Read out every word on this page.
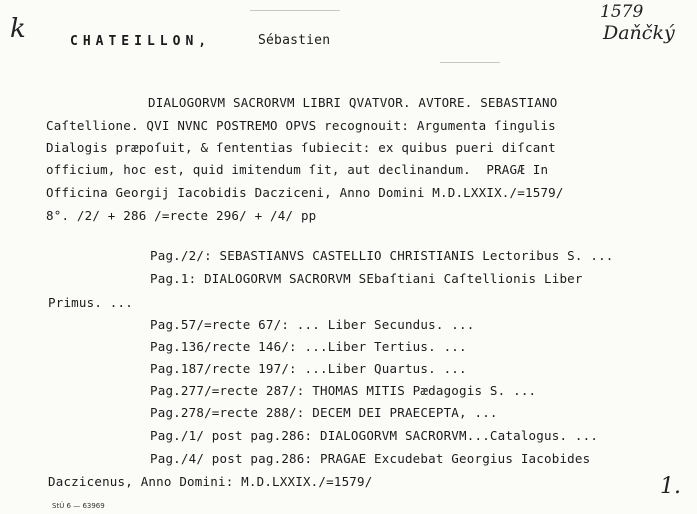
k
1579
Daňčký
CHATEILLON,	Sébastien
DIALOGORVM SACRORVM LIBRI QVATVOR. AVTORE. SEBASTIANO
Caſtellione. QVI NVNC POSTREMO OPVS recognouit: Argumenta ſingulis
Dialogis præpoſuit, & ſententias ſubiecit: ex quibus pueri diſcant
officium, hoc est, quid imitendum ſit, aut declinandum.  PRAGÆ In
Officina Georgij Iacobidis Dacziceni, Anno Domini M.D.LXXIX./=1579/
8°. /2/ + 286 /=recte 296/ + /4/ pp
Pag./2/: SEBASTIANVS CASTELLIO CHRISTIANIS Lectoribus S. ...
Pag.1: DIALOGORVM SACRORVM SEbaſtiani Caſtellionis Liber
Primus. ...
Pag.57/=recte 67/: ... Liber Secundus. ...
Pag.136/recte 146/: ...Liber Tertius. ...
Pag.187/recte 197/: ...Liber Quartus. ...
Pag.277/=recte 287/: THOMAS MITIS Pædagogis S. ...
Pag.278/=recte 288/: DECEM DEI PRAECEPTA, ...
Pag./1/ post pag.286: DIALOGORVM SACRORVM...Catalogus. ...
Pag./4/ post pag.286: PRAGAE Excudebat Georgius Iacobides
Daczicenus, Anno Domini: M.D.LXXIX./=1579/	1.
StÚ 6 — 63969
